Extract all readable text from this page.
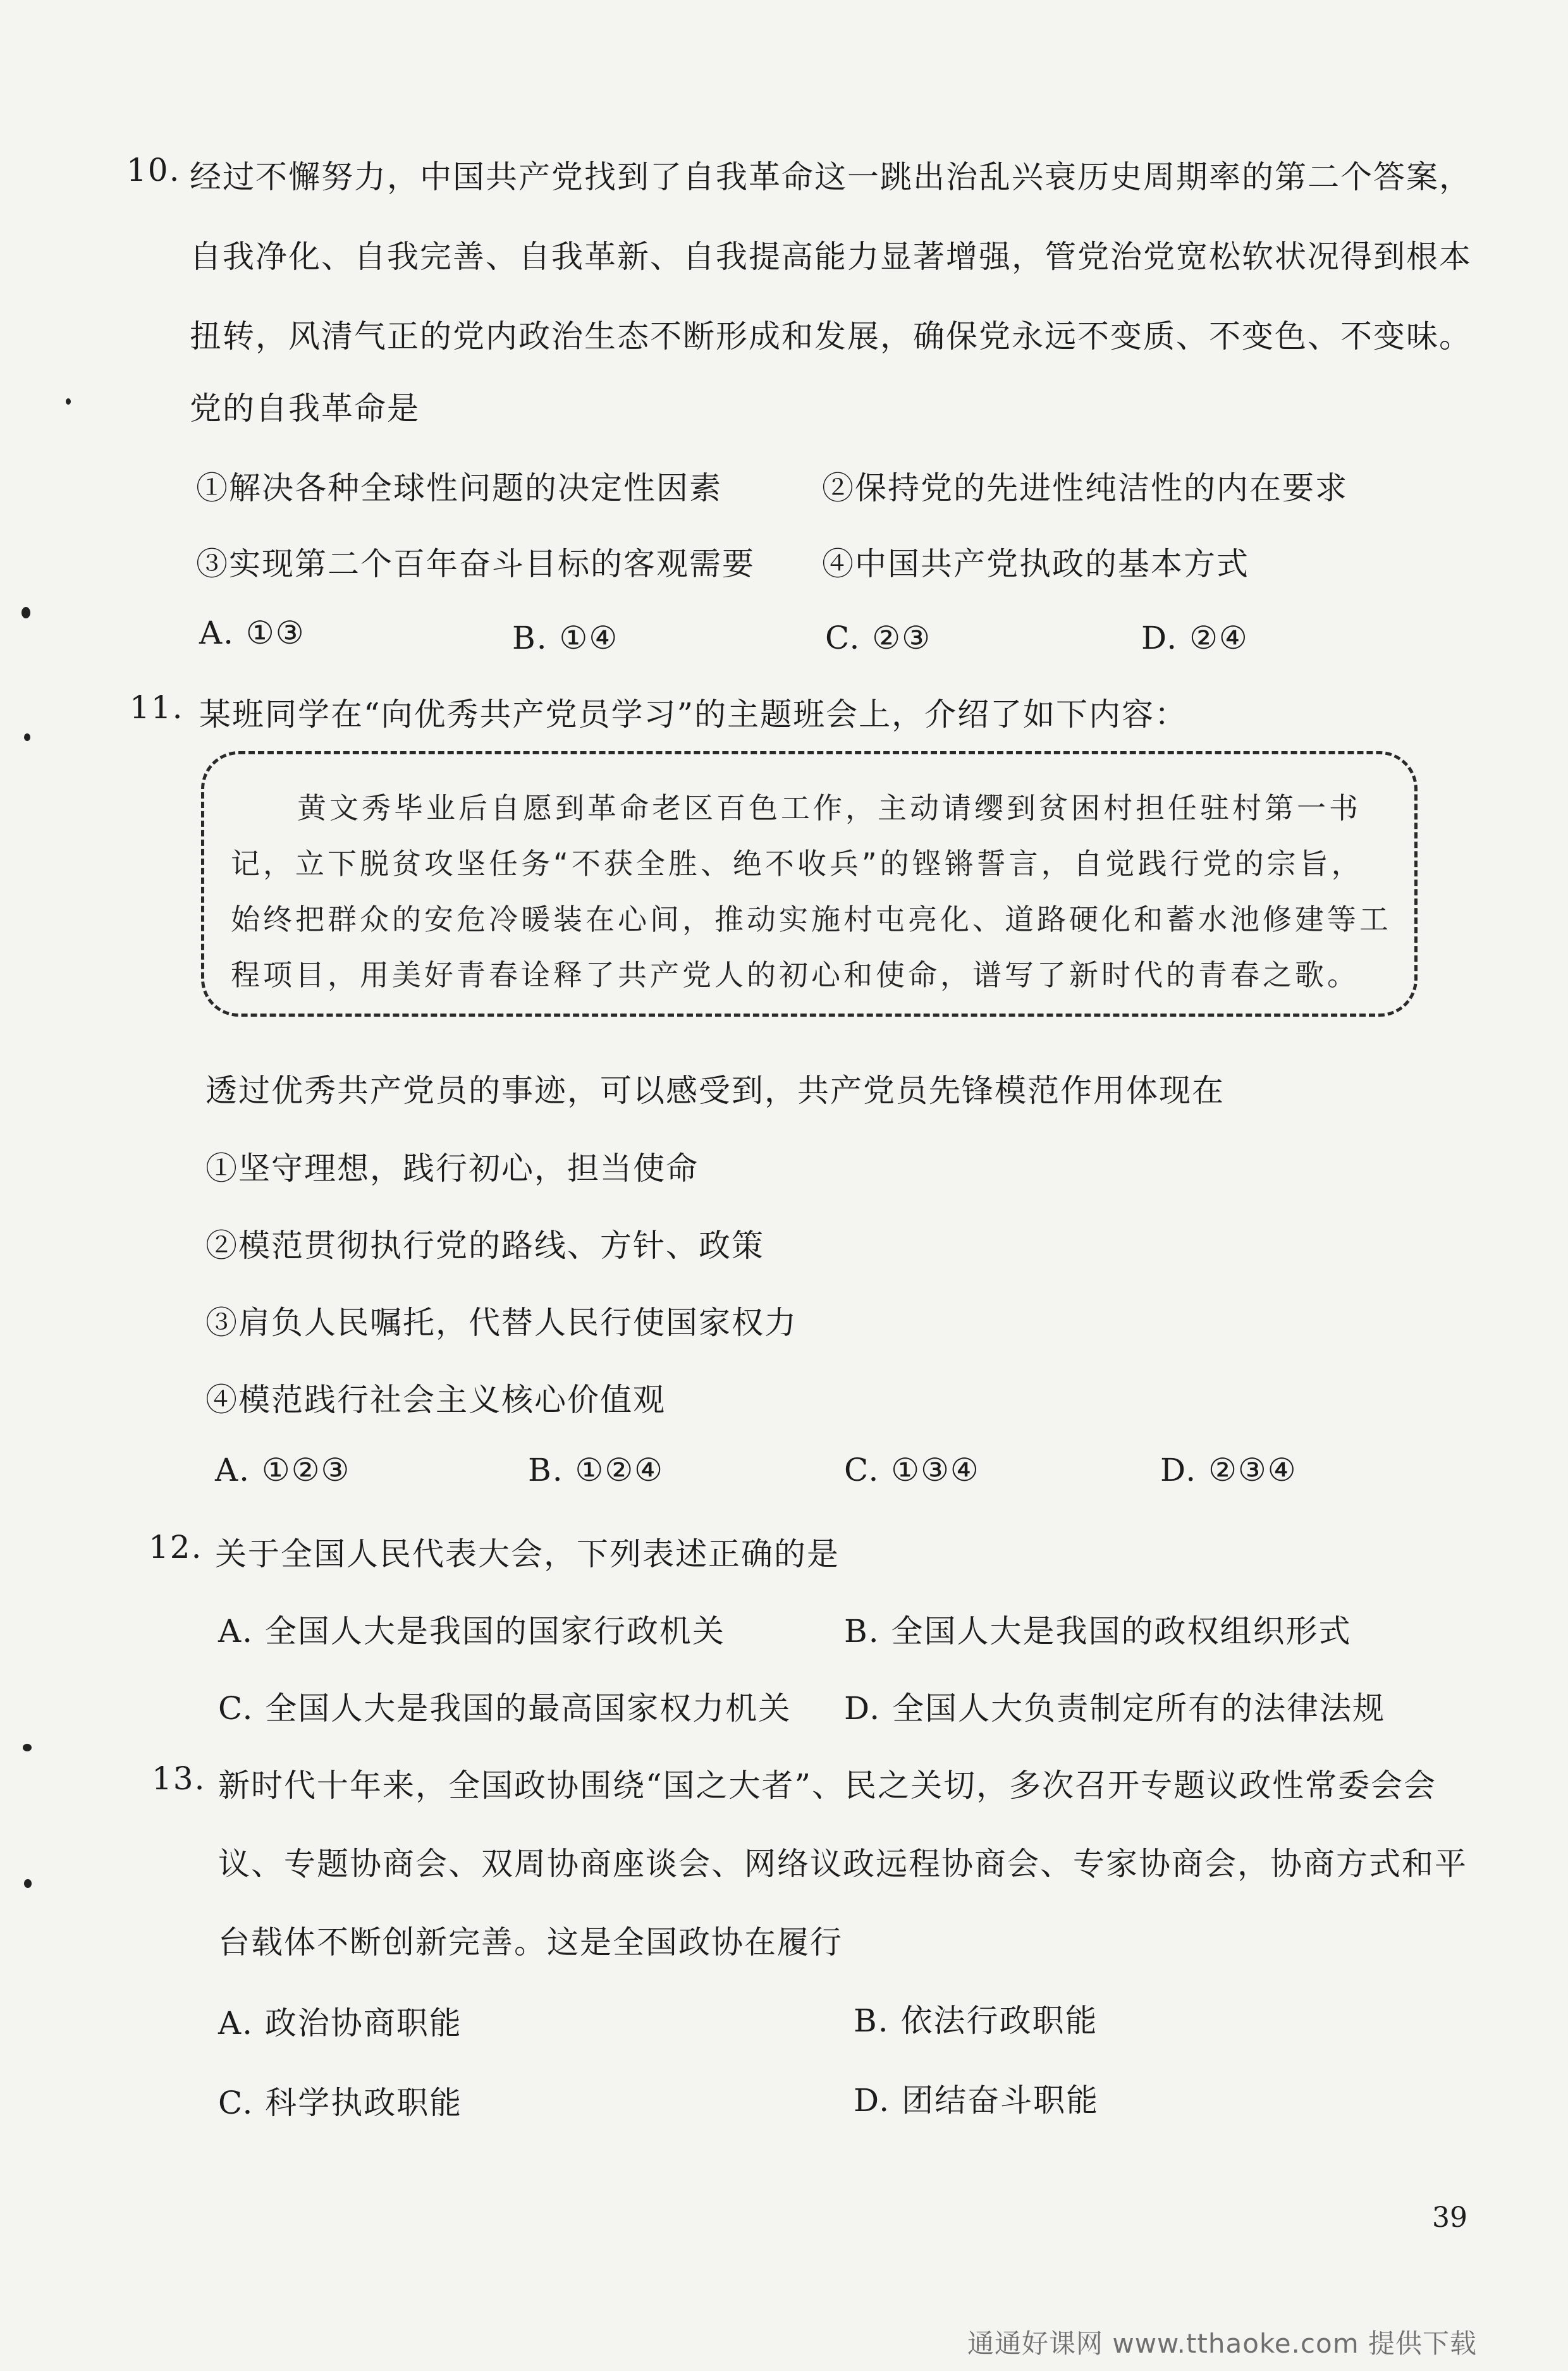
10. 经过不懈努力，中国共产党找到了自我革命这一跳出治乱兴衰历史周期率的第二个答案，
自我净化、自我完善、自我革新、自我提高能力显著增强，管党治党宽松软状况得到根本
扭转，风清气正的党内政治生态不断形成和发展，确保党永远不变质、不变色、不变味。
党的自我革命是
①解决各种全球性问题的决定性因素	②保持党的先进性纯洁性的内在要求
③实现第二个百年奋斗目标的客观需要 ④中国共产党执政的基本方式
A. ①③	B. ①④	C. ②③	D. ②④
11. 某班同学在“向优秀共产党员学习”的主题班会上，介绍了如下内容：
黄文秀毕业后自愿到革命老区百色工作，主动请缨到贫困村担任驻村第一书
记，立下脱贫攻坚任务“不获全胜、绝不收兵”的铿锵誓言，自觉践行党的宗旨，
始终把群众的安危冷暖装在心间，推动实施村屯亮化、道路硬化和蓄水池修建等工
程项目，用美好青春诠释了共产党人的初心和使命，谱写了新时代的青春之歌。
透过优秀共产党员的事迹，可以感受到，共产党员先锋模范作用体现在
①坚守理想，践行初心，担当使命
②模范贯彻执行党的路线、方针、政策
③肩负人民嘱托，代替人民行使国家权力
④模范践行社会主义核心价值观
A. ①②③	B. ①②④	C. ①③④	D. ②③④
12. 关于全国人民代表大会，下列表述正确的是
A. 全国人大是我国的国家行政机关	B. 全国人大是我国的政权组织形式
C. 全国人大是我国的最高国家权力机关 D. 全国人大负责制定所有的法律法规
13. 新时代十年来，全国政协围绕“国之大者”、民之关切，多次召开专题议政性常委会会
议、专题协商会、双周协商座谈会、网络议政远程协商会、专家协商会，协商方式和平
台载体不断创新完善。这是全国政协在履行
A. 政治协商职能	B. 依法行政职能
C. 科学执政职能	D. 团结奋斗职能
39
通通好课网 www.tthaoke.com 提供下载
